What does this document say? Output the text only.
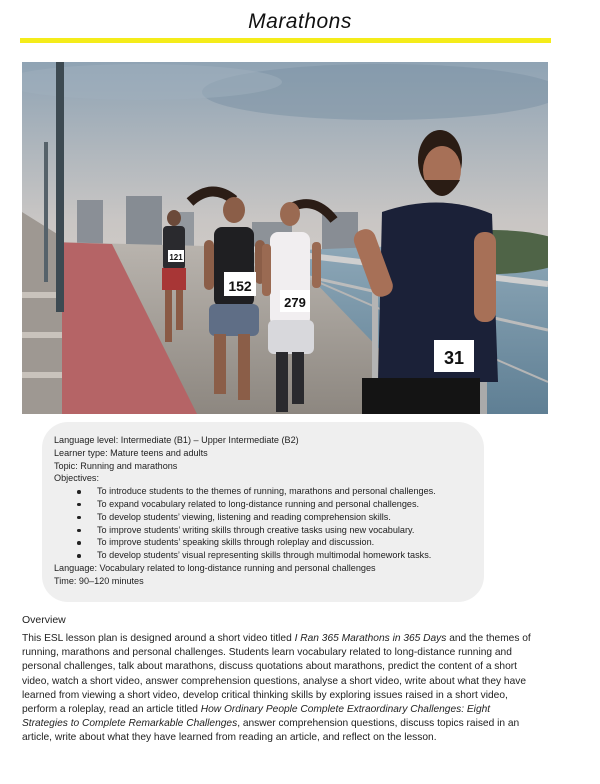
Marathons
121
152
279
31

Language level: Intermediate (B1) – Upper Intermediate (B2)

Learner type: Mature teens and adults

Topic: Running and marathons

Objectives:

To introduce students to the themes of running, marathons and personal challenges.
To expand vocabulary related to long-distance running and personal challenges.
To develop students’ viewing, listening and reading comprehension skills.
To improve students’ writing skills through creative tasks using new vocabulary.
To improve students’ speaking skills through roleplay and discussion.
To develop students’ visual representing skills through multimodal homework tasks.

Language: Vocabulary related to long-distance running and personal challenges

Time: 90–120 minutes

Overview
This ESL lesson plan is designed around a short video titled I Ran 365 Marathons in 365 Days and the themes of
running, marathons and personal challenges. Students learn vocabulary related to long-distance running and
personal challenges, talk about marathons, discuss quotations about marathons, predict the content of a short
video, watch a short video, answer comprehension questions, analyse a short video, write about what they have
learned from viewing a short video, develop critical thinking skills by exploring issues raised in a short video,
perform a roleplay, read an article titled How Ordinary People Complete Extraordinary Challenges: Eight
Strategies to Complete Remarkable Challenges, answer comprehension questions, discuss topics raised in an
article, write about what they have learned from reading an article, and reflect on the lesson.
